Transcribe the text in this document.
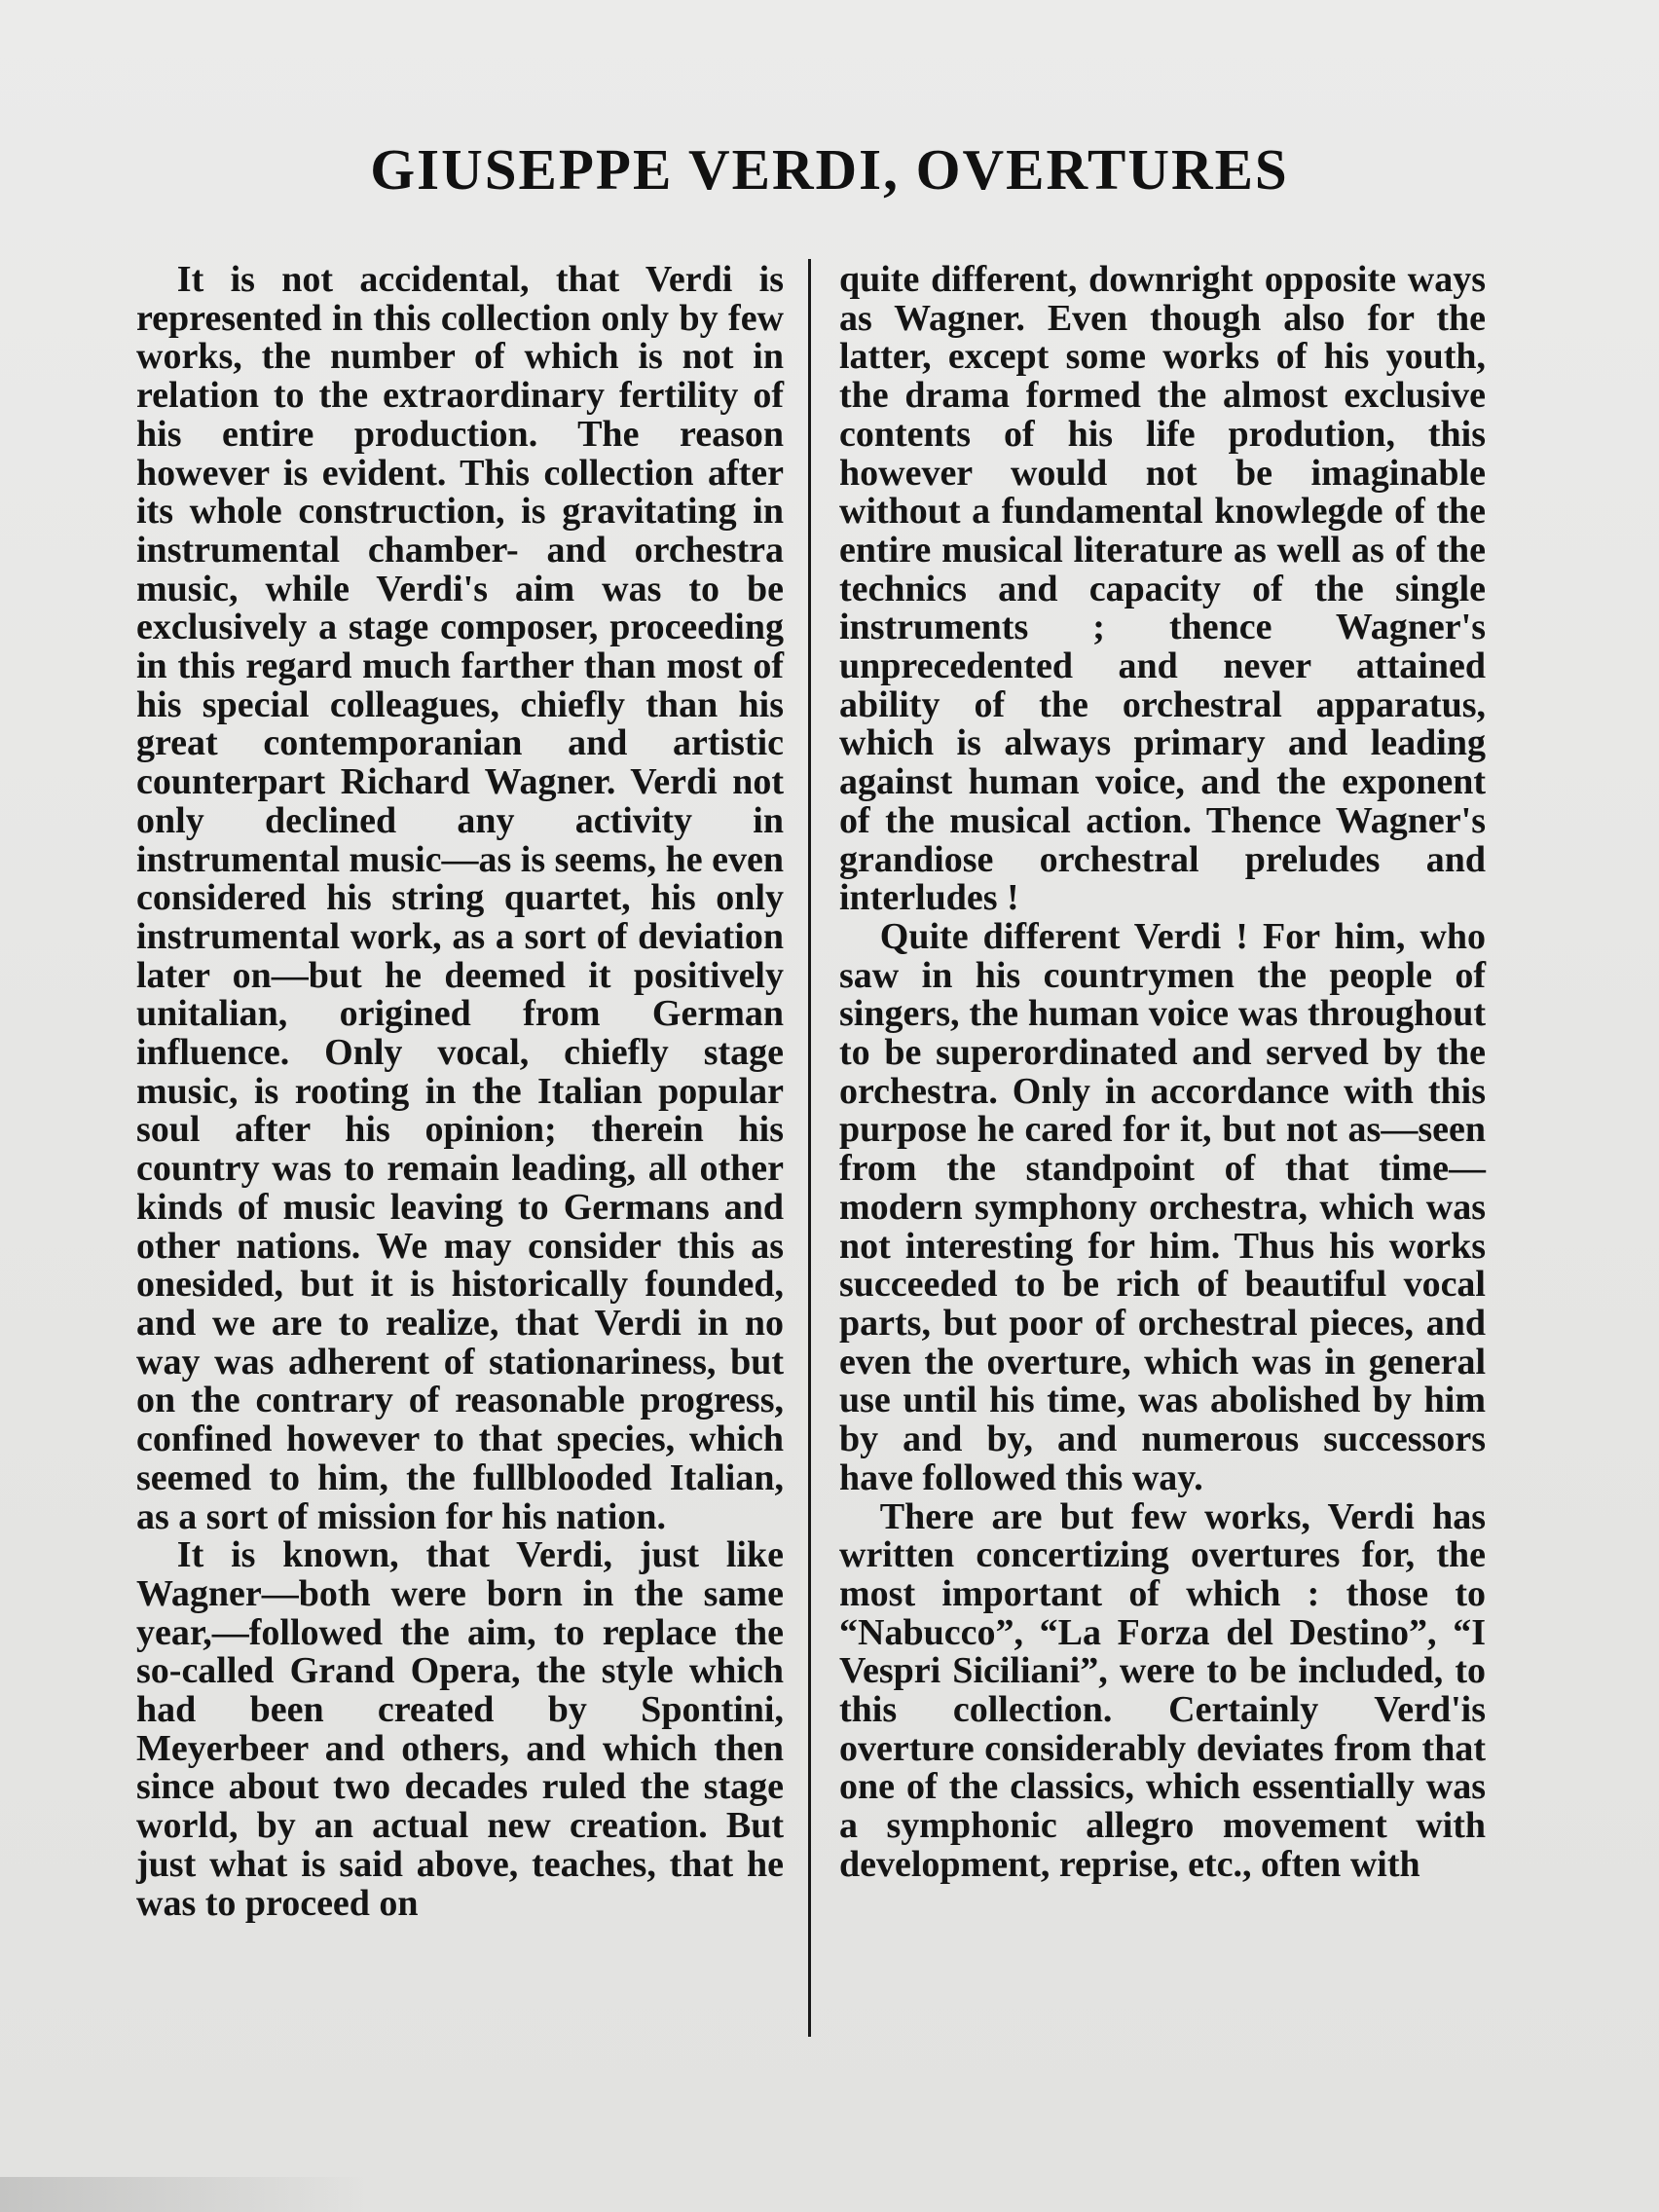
GIUSEPPE VERDI, OVERTURES

It is not accidental, that Verdi is represented in this collection only by few works, the number of which is not in relation to the extraordinary fertility of his entire production. The reason however is evident. This collection after its whole construction, is gravitating in instrumental chamber- and orchestra music, while Verdi's aim was to be exclusively a stage composer, proceeding in this regard much farther than most of his special colleagues, chiefly than his great contemporanian and artistic counterpart Richard Wagner. Verdi not only declined any activity in instrumental music—as is seems, he even considered his string quartet, his only instrumental work, as a sort of deviation later on—but he deemed it positively unitalian, origined from German influence. Only vocal, chiefly stage music, is rooting in the Italian popular soul after his opinion; therein his country was to remain leading, all other kinds of music leaving to Germans and other nations. We may consider this as onesided, but it is historically founded, and we are to realize, that Verdi in no way was adherent of stationariness, but on the contrary of reasonable progress, confined however to that species, which seemed to him, the fullblooded Italian, as a sort of mission for his nation.

It is known, that Verdi, just like Wagner—both were born in the same year,—followed the aim, to replace the so-called Grand Opera, the style which had been created by Spontini, Meyerbeer and others, and which then since about two decades ruled the stage world, by an actual new creation. But just what is said above, teaches, that he was to proceed on

quite different, downright opposite ways as Wagner. Even though also for the latter, except some works of his youth, the drama formed the almost exclusive contents of his life prodution, this however would not be imaginable without a fundamental knowlegde of the entire musical literature as well as of the technics and capacity of the single instruments ; thence Wagner's unprecedented and never attained ability of the orchestral apparatus, which is always primary and leading against human voice, and the exponent of the musical action. Thence Wagner's grandiose orchestral preludes and interludes !

Quite different Verdi ! For him, who saw in his countrymen the people of singers, the human voice was throughout to be superordinated and served by the orchestra. Only in accordance with this purpose he cared for it, but not as—seen from the standpoint of that time—modern symphony orchestra, which was not interesting for him. Thus his works succeeded to be rich of beautiful vocal parts, but poor of orchestral pieces, and even the overture, which was in general use until his time, was abolished by him by and by, and numerous successors have followed this way.

There are but few works, Verdi has written concertizing overtures for, the most important of which : those to “Nabucco”, “La Forza del Destino”, “I Vespri Siciliani”, were to be included, to this collection. Certainly Verd'is overture considerably deviates from that one of the classics, which essentially was a symphonic allegro movement with development, reprise, etc., often with
